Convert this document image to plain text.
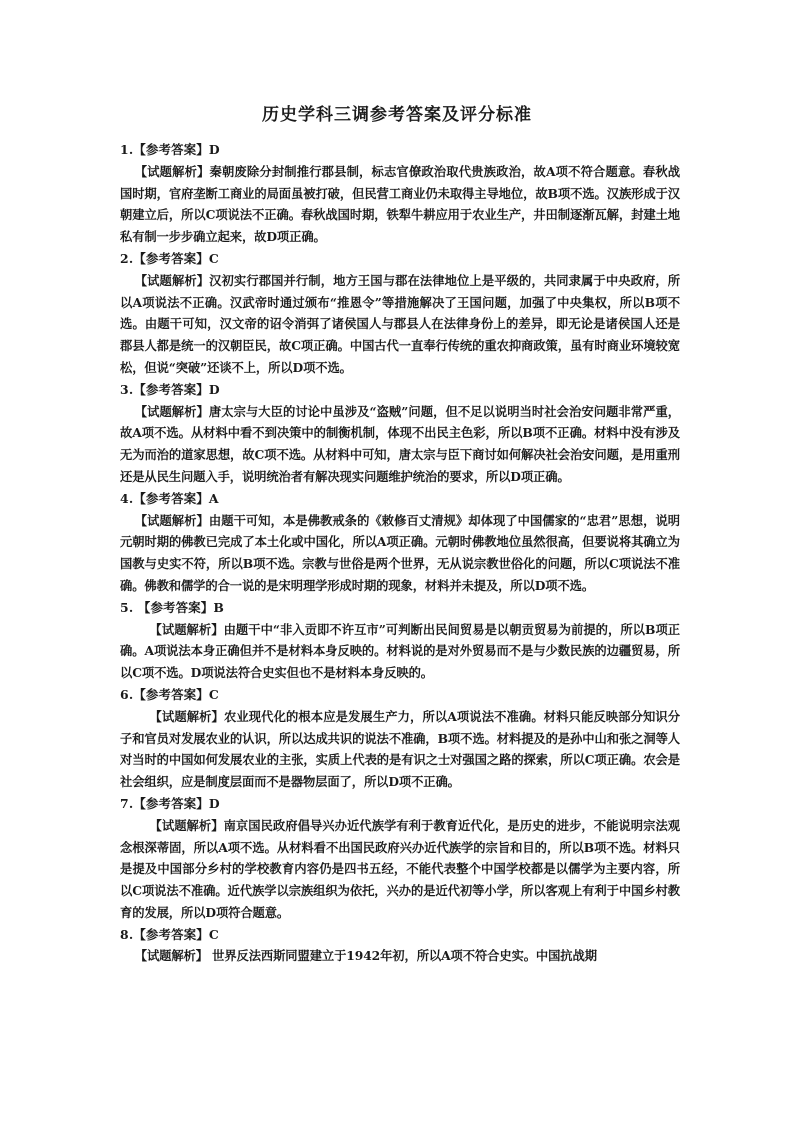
历史学科三调参考答案及评分标准
1.【参考答案】D

【试题解析】秦朝废除分封制推行郡县制，标志官僚政治取代贵族政治，故A项不符合题意。春秋战国时期，官府垄断工商业的局面虽被打破，但民营工商业仍未取得主导地位，故B项不选。汉族形成于汉朝建立后，所以C项说法不正确。春秋战国时期，铁犁牛耕应用于农业生产，井田制逐渐瓦解，封建土地私有制一步步确立起来，故D项正确。

2.【参考答案】C

【试题解析】汉初实行郡国并行制，地方王国与郡在法律地位上是平级的，共同隶属于中央政府，所以A项说法不正确。汉武帝时通过颁布“推恩令”等措施解决了王国问题，加强了中央集权，所以B项不选。由题干可知，汉文帝的诏令消弭了诸侯国人与郡县人在法律身份上的差异，即无论是诸侯国人还是郡县人都是统一的汉朝臣民，故C项正确。中国古代一直奉行传统的重农抑商政策，虽有时商业环境较宽松，但说“突破”还谈不上，所以D项不选。

3.【参考答案】D

【试题解析】唐太宗与大臣的讨论中虽涉及“盗贼”问题，但不足以说明当时社会治安问题非常严重，故A项不选。从材料中看不到决策中的制衡机制，体现不出民主色彩，所以B项不正确。材料中没有涉及无为而治的道家思想，故C项不选。从材料中可知，唐太宗与臣下商讨如何解决社会治安问题，是用重刑还是从民生问题入手，说明统治者有解决现实问题维护统治的要求，所以D项正确。

4.【参考答案】A

【试题解析】由题干可知，本是佛教戒条的《敕修百丈清规》却体现了中国儒家的“忠君”思想，说明元朝时期的佛教已完成了本土化或中国化，所以A项正确。元朝时佛教地位虽然很高，但要说将其确立为国教与史实不符，所以B项不选。宗教与世俗是两个世界，无从说宗教世俗化的问题，所以C项说法不准确。佛教和儒学的合一说的是宋明理学形成时期的现象，材料并未提及，所以D项不选。

5. 【参考答案】B

【试题解析】由题干中“非入贡即不许互市”可判断出民间贸易是以朝贡贸易为前提的，所以B项正确。A项说法本身正确但并不是材料本身反映的。材料说的是对外贸易而不是与少数民族的边疆贸易，所以C项不选。D项说法符合史实但也不是材料本身反映的。

6.【参考答案】C

【试题解析】农业现代化的根本应是发展生产力，所以A项说法不准确。材料只能反映部分知识分子和官员对发展农业的认识，所以达成共识的说法不准确，B项不选。材料提及的是孙中山和张之洞等人对当时的中国如何发展农业的主张，实质上代表的是有识之士对强国之路的探索，所以C项正确。农会是社会组织，应是制度层面而不是器物层面了，所以D项不正确。

7.【参考答案】D

【试题解析】南京国民政府倡导兴办近代族学有利于教育近代化，是历史的进步，不能说明宗法观念根深蒂固，所以A项不选。从材料看不出国民政府兴办近代族学的宗旨和目的，所以B项不选。材料只是提及中国部分乡村的学校教育内容仍是四书五经，不能代表整个中国学校都是以儒学为主要内容，所以C项说法不准确。近代族学以宗族组织为依托，兴办的是近代初等小学，所以客观上有利于中国乡村教育的发展，所以D项符合题意。

8.【参考答案】C

【试题解析】 世界反法西斯同盟建立于1942年初，所以A项不符合史实。中国抗战期
